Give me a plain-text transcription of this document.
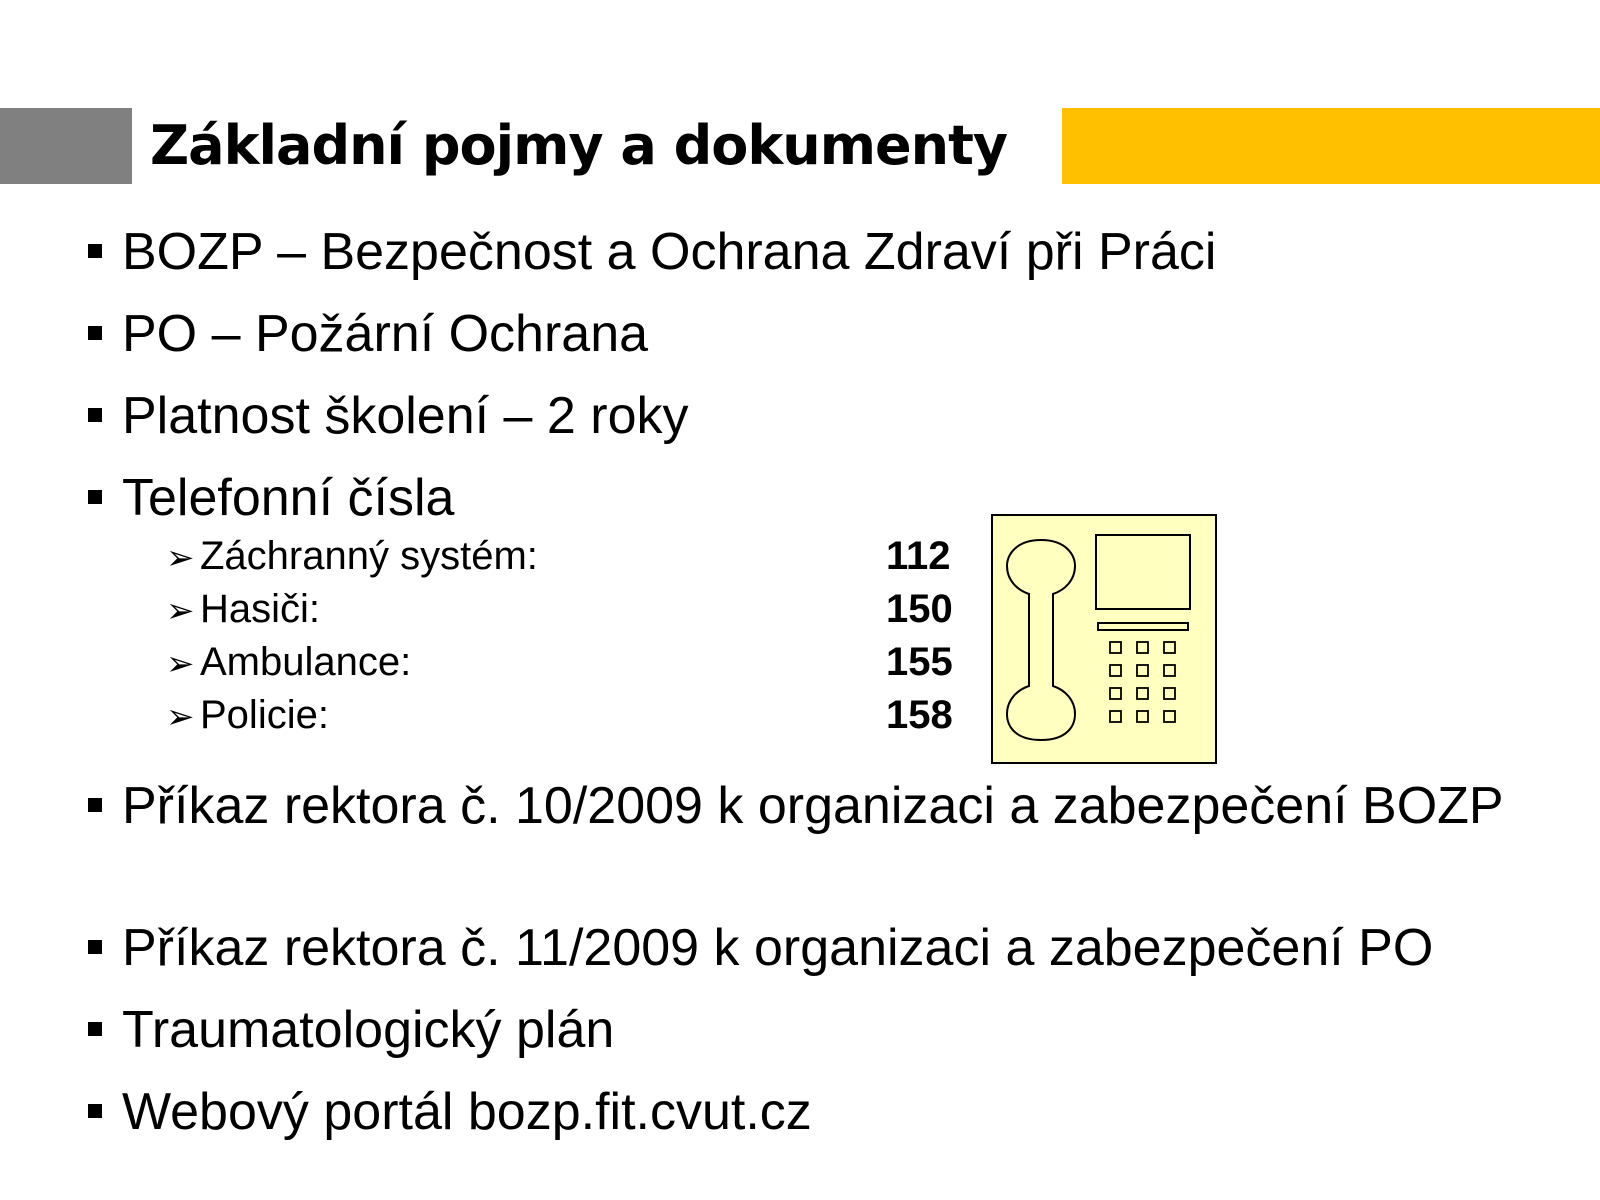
Základní pojmy a dokumenty
BOZP – Bezpečnost a Ochrana Zdraví při Práci
PO – Požární Ochrana
Platnost školení – 2 roky
Telefonní čísla
➢ Záchranný systém:	112
➢ Hasiči:	150
➢ Ambulance:	155
➢ Policie:	158
Příkaz rektora č. 10/2009 k organizaci a zabezpečení BOZP
Příkaz rektora č. 11/2009 k organizaci a zabezpečení PO
Traumatologický plán
Webový portál bozp.fit.cvut.cz
